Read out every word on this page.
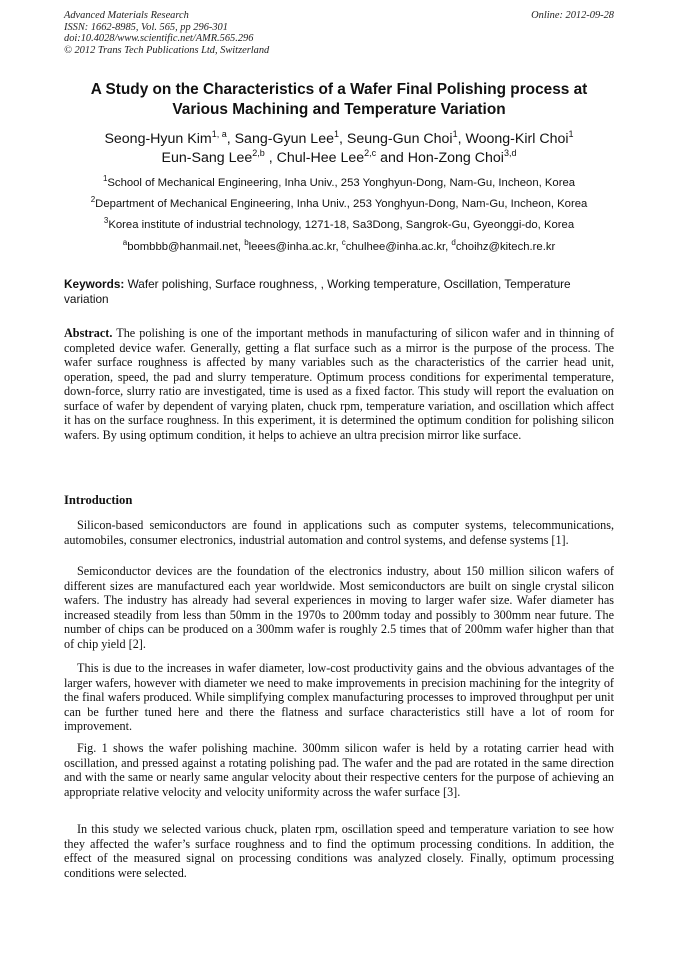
Advanced Materials Research
ISSN: 1662-8985, Vol. 565, pp 296-301
doi:10.4028/www.scientific.net/AMR.565.296
© 2012 Trans Tech Publications Ltd, Switzerland
Online: 2012-09-28
A Study on the Characteristics of a Wafer Final Polishing process at Various Machining and Temperature Variation
Seong-Hyun Kim$^{1, a}$, Sang-Gyun Lee$^1$, Seung-Gun Choi$^1$, Woong-Kirl Choi$^1$
Eun-Sang Lee$^{2,b}$ , Chul-Hee Lee$^{2,c}$ and Hon-Zong Choi$^{3,d}$
$^1$School of Mechanical Engineering, Inha Univ., 253 Yonghyun-Dong, Nam-Gu, Incheon, Korea
$^2$Department of Mechanical Engineering, Inha Univ., 253 Yonghyun-Dong, Nam-Gu, Incheon, Korea
$^3$Korea institute of industrial technology, 1271-18, Sa3Dong, Sangrok-Gu, Gyeonggi-do, Korea
$^a$bombbb@hanmail.net, $^b$leees@inha.ac.kr, $^c$chulhee@inha.ac.kr, $^d$choihz@kitech.re.kr
Keywords: Wafer polishing, Surface roughness, , Working temperature, Oscillation, Temperature variation

Abstract. The polishing is one of the important methods in manufacturing of silicon wafer and in thinning of completed device wafer. Generally, getting a flat surface such as a mirror is the purpose of the process. The wafer surface roughness is affected by many variables such as the characteristics of the carrier head unit, operation, speed, the pad and slurry temperature. Optimum process conditions for experimental temperature, down-force, slurry ratio are investigated, time is used as a fixed factor. This study will report the evaluation on surface of wafer by dependent of varying platen, chuck rpm, temperature variation, and oscillation which affect it has on the surface roughness. In this experiment, it is determined the optimum condition for polishing silicon wafers. By using optimum condition, it helps to achieve an ultra precision mirror like surface.

Introduction

Silicon-based semiconductors are found in applications such as computer systems, telecommunications, automobiles, consumer electronics, industrial automation and control systems, and defense systems [1].

Semiconductor devices are the foundation of the electronics industry, about 150 million silicon wafers of different sizes are manufactured each year worldwide. Most semiconductors are built on single crystal silicon wafers. The industry has already had several experiences in moving to larger wafer size. Wafer diameter has increased steadily from less than 50mm in the 1970s to 200mm today and possibly to 300mm near future. The number of chips can be produced on a 300mm wafer is roughly 2.5 times that of 200mm wafer higher than that of chip yield [2].

This is due to the increases in wafer diameter, low-cost productivity gains and the obvious advantages of the larger wafers, however with diameter we need to make improvements in precision machining for the integrity of the final wafers produced. While simplifying complex manufacturing processes to improved throughput per unit can be further tuned here and there the flatness and surface characteristics still have a lot of room for improvement.

Fig. 1 shows the wafer polishing machine. 300mm silicon wafer is held by a rotating carrier head with oscillation, and pressed against a rotating polishing pad. The wafer and the pad are rotated in the same direction and with the same or nearly same angular velocity about their respective centers for the purpose of achieving an appropriate relative velocity and velocity uniformity across the wafer surface [3].

In this study we selected various chuck, platen rpm, oscillation speed and temperature variation to see how they affected the wafer’s surface roughness and to find the optimum processing conditions. In addition, the effect of the measured signal on processing conditions was analyzed closely. Finally, optimum processing conditions were selected.
